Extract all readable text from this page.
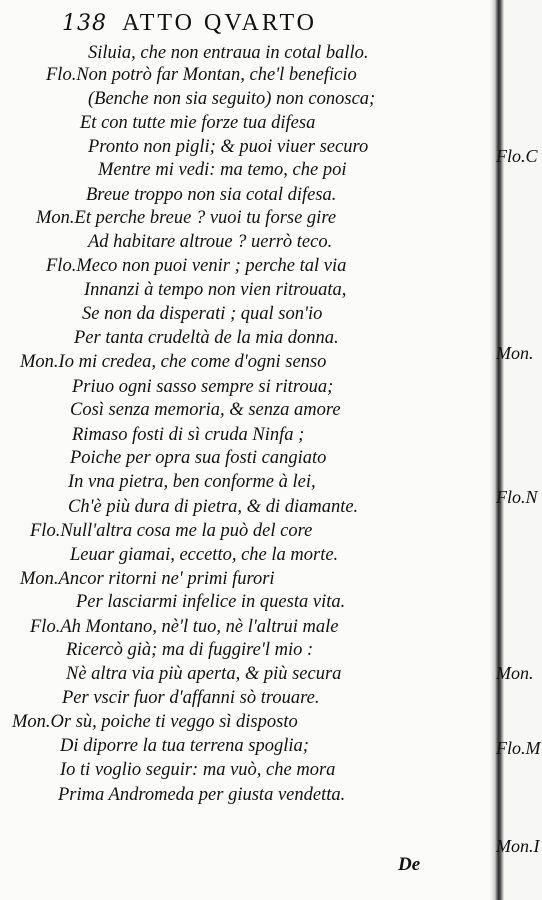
138 ATTO QVARTO
Siluia, che non entraua in cotal ballo.
Flo.Non potrò far Montan, che'l beneficio
(Benche non sia seguito) non conosca;
Et con tutte mie forze tua difesa
Pronto non pigli; & puoi viuer securo
Mentre mi vedi: ma temo, che poi
Breue troppo non sia cotal difesa.
Mon.Et perche breue ? vuoi tu forse gire
Ad habitare altroue ? uerrò teco.
Flo.Meco non puoi venir ; perche tal via
Innanzi à tempo non vien ritrouata,
Se non da disperati ; qual son'io
Per tanta crudeltà de la mia donna.
Mon.Io mi credea, che come d'ogni senso
Priuo ogni sasso sempre si ritroua;
Così senza memoria, & senza amore
Rimaso fosti di sì cruda Ninfa ;
Poiche per opra sua fosti cangiato
In vna pietra, ben conforme à lei,
Ch'è più dura di pietra, & di diamante.
Flo.Null'altra cosa me la può del core
Leuar giamai, eccetto, che la morte.
Mon.Ancor ritorni ne' primi furori
Per lasciarmi infelice in questa vita.
Flo.Ah Montano, nè'l tuo, nè l'altrui male
Ricercò già; ma di fuggire'l mio :
Nè altra via più aperta, & più secura
Per vscir fuor d'affanni sò trouare.
Mon.Or sù, poiche ti veggo sì disposto
Di diporre la tua terrena spoglia;
Io ti voglio seguir: ma vuò, che mora
Prima Andromeda per giusta vendetta.
De
Flo.C
Mon.
Flo.N
Mon.
Flo.M
Mon.I
